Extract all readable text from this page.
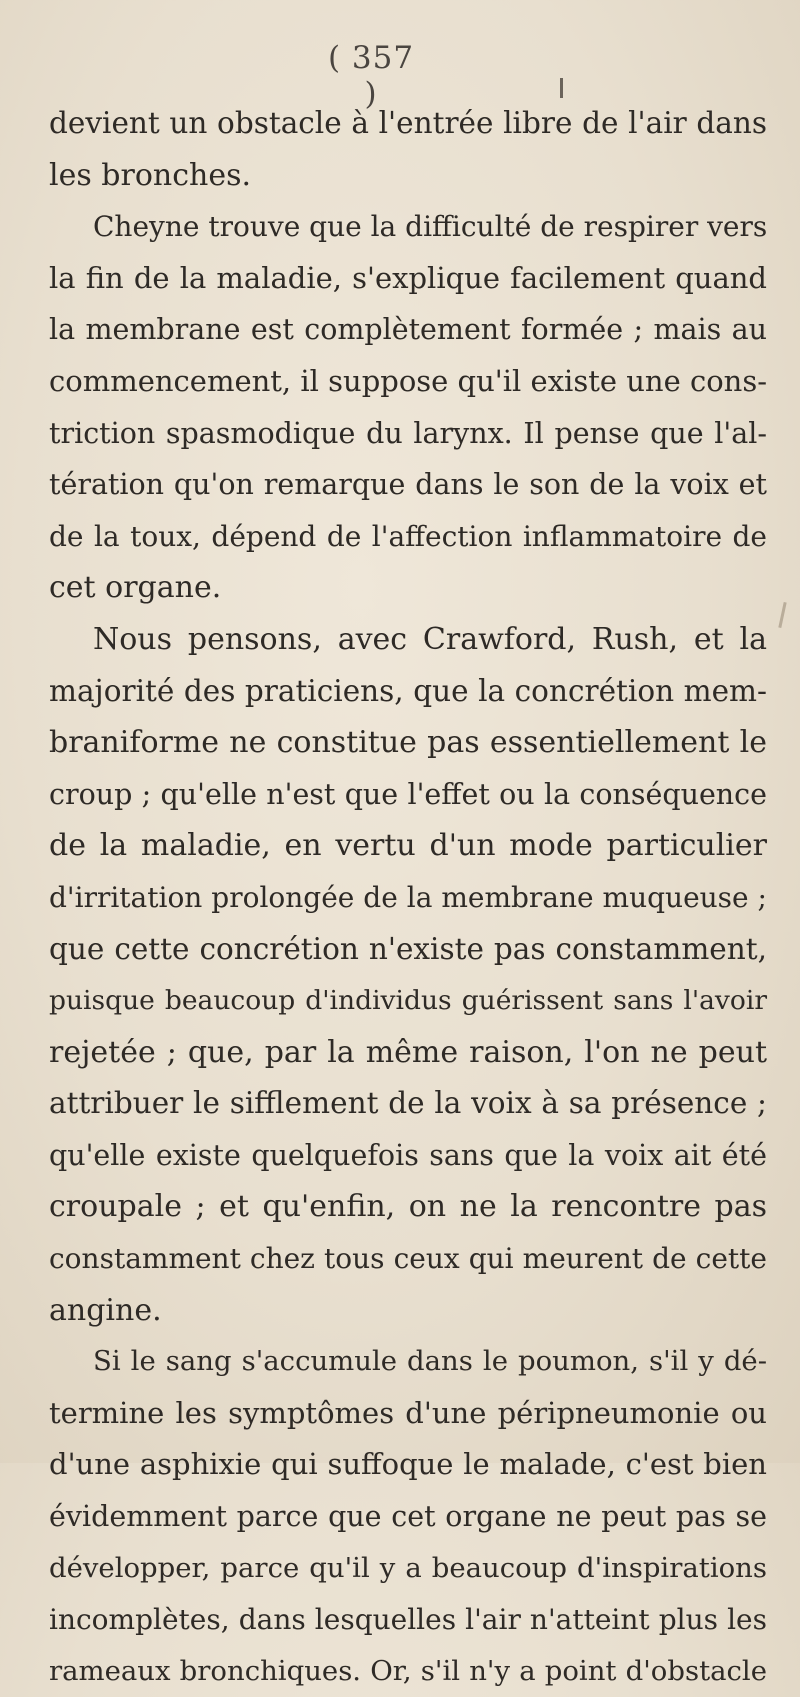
( 357 )
devient un obstacle à l'entrée libre de l'air dans
les bronches.
Cheyne trouve que la difficulté de respirer vers
la fin de la maladie, s'explique facilement quand
la membrane est complètement formée ; mais au
commencement, il suppose qu'il existe une cons-
triction spasmodique du larynx. Il pense que l'al-
tération qu'on remarque dans le son de la voix et
de la toux, dépend de l'affection inflammatoire de
cet organe.
Nous pensons, avec Crawford, Rush, et la
majorité des praticiens, que la concrétion mem-
braniforme ne constitue pas essentiellement le
croup ; qu'elle n'est que l'effet ou la conséquence
de la maladie, en vertu d'un mode particulier
d'irritation prolongée de la membrane muqueuse ;
que cette concrétion n'existe pas constamment,
puisque beaucoup d'individus guérissent sans l'avoir
rejetée ; que, par la même raison, l'on ne peut
attribuer le sifflement de la voix à sa présence ;
qu'elle existe quelquefois sans que la voix ait été
croupale ; et qu'enfin, on ne la rencontre pas
constamment chez tous ceux qui meurent de cette
angine.
Si le sang s'accumule dans le poumon, s'il y dé-
termine les symptômes d'une péripneumonie ou
d'une asphixie qui suffoque le malade, c'est bien
évidemment parce que cet organe ne peut pas se
développer, parce qu'il y a beaucoup d'inspirations
incomplètes, dans lesquelles l'air n'atteint plus les
rameaux bronchiques. Or, s'il n'y a point d'obstacle
